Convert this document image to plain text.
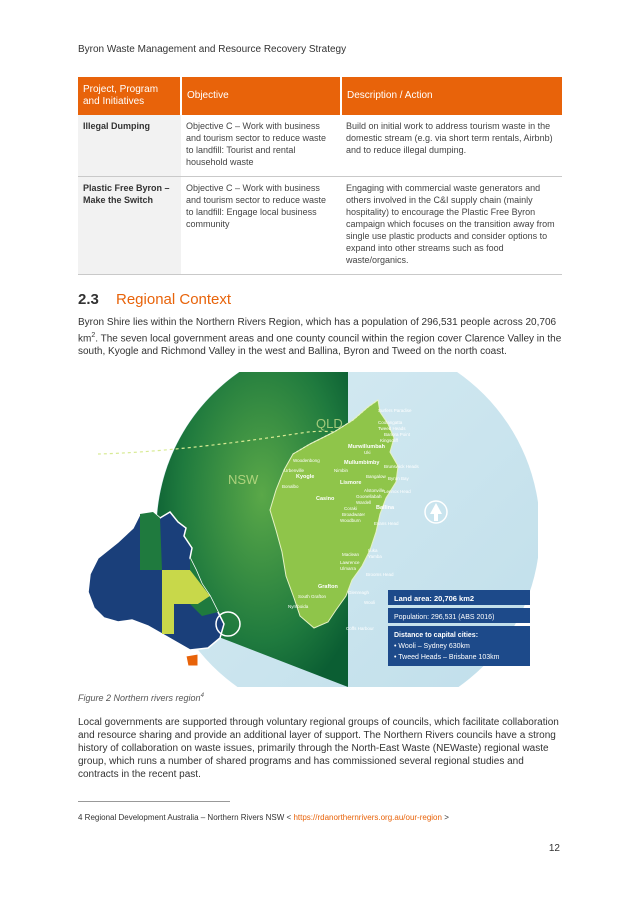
Byron Waste Management and Resource Recovery Strategy
Project, Program and Initiatives	Objective	Description / Action
Illegal Dumping	Objective C – Work with business and tourism sector to reduce waste to landfill: Tourist and rental household waste	Build on initial work to address tourism waste in the domestic stream (e.g. via short term rentals, Airbnb) and to reduce illegal dumping.
Plastic Free Byron – Make the Switch	Objective C – Work with business and tourism sector to reduce waste to landfill: Engage local business community	Engaging with commercial waste generators and others involved in the C&I supply chain (mainly hospitality) to encourage the Plastic Free Byron campaign which focuses on the transition away from single use plastic products and consider options to expand into other streams such as food waste/organics.
2.3 Regional Context

Byron Shire lies within the Northern Rivers Region, which has a population of 296,531 people across 20,706 $km^2$. The seven local government areas and one county council within the region cover Clarence Valley in the south, Kyogle and Richmond Valley in the west and Ballina, Byron and Tweed on the north coast.

QLD
NSW
Surfers Paradise
Coolangatta
Tweed Heads
Banora Point
Kingscliff
Uki
Woodenbong
Brunswick Heads
Urbenville	Nimbin
Bangalow Byron Bay
Bonalbo
Goonellabah
Lennox Head
Alstonville
Wardell
Coraki
Broadwater
Woodburn
Evans Head
Iluka
Yamba
Maclean
Lawrence
Ulmarra
Brooms Head
Glenreagh
Wooli
Nymboida
South Grafton
Coffs Harbour
Murwillumbah
Mullumbimby
Kyogle
Lismore
Casino
Ballina
Grafton
Land area: 20,706 km2
Population: 296,531 (ABS 2016)
Distance to capital cities:
• Wooli – Sydney 630km
• Tweed Heads – Brisbane 103km
Figure 2 Northern rivers region$^4$

Local governments are supported through voluntary regional groups of councils, which facilitate collaboration and resource sharing and provide an additional layer of support. The Northern Rivers councils have a strong history of collaboration on waste issues, primarily through the North-East Waste (NEWaste) regional waste group, which runs a number of shared programs and has commissioned several regional studies and contracts in the recent past.

4 Regional Development Australia – Northern Rivers NSW < https://rdanorthernrivers.org.au/our-region >
12
